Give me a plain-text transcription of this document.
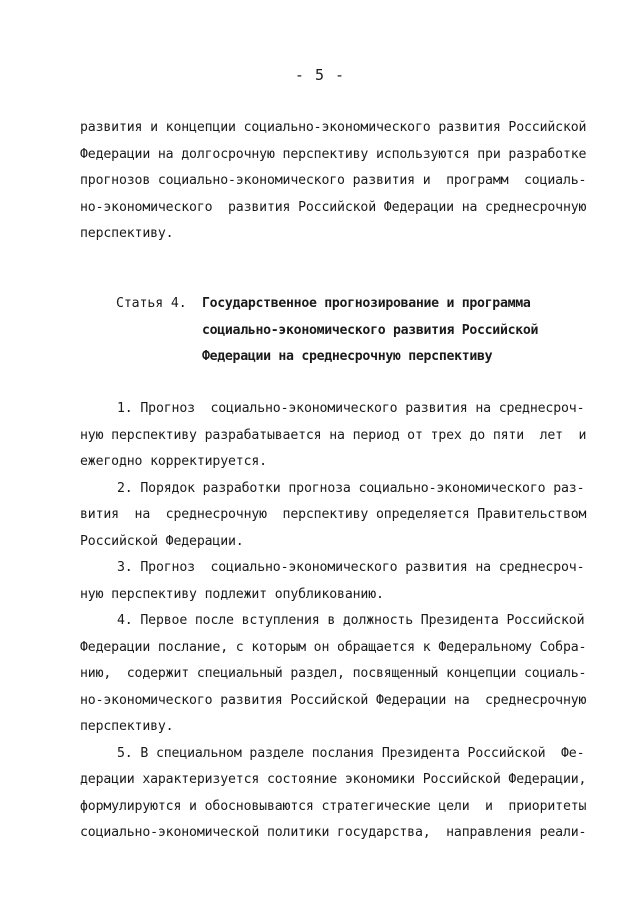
- 5 -
развития и концепции социально-экономического развития Российской
Федерации на долгосрочную перспективу используются при разработке
прогнозов социально-экономического развития и  программ  социаль-
но-экономического  развития Российской Федерации на среднесрочную
перспективу.
Статья 4. Государственное прогнозирование и программа
социально-экономического развития Российской
Федерации на среднесрочную перспективу
1. Прогноз  социально-экономического развития на среднесроч-
ную перспективу разрабатывается на период от трех до пяти  лет  и
ежегодно корректируется.
2. Порядок разработки прогноза социально-экономического раз-
вития  на  среднесрочную  перспективу определяется Правительством
Российской Федерации.
3. Прогноз  социально-экономического развития на среднесроч-
ную перспективу подлежит опубликованию.
4. Первое после вступления в должность Президента Российской
Федерации послание, с которым он обращается к Федеральному Собра-
нию,  содержит специальный раздел, посвященный концепции социаль-
но-экономического развития Российской Федерации на  среднесрочную
перспективу.
5. В специальном разделе послания Президента Российской  Фе-
дерации характеризуется состояние экономики Российской Федерации,
формулируются и обосновываются стратегические цели  и  приоритеты
социально-экономической политики государства,  направления реали-
